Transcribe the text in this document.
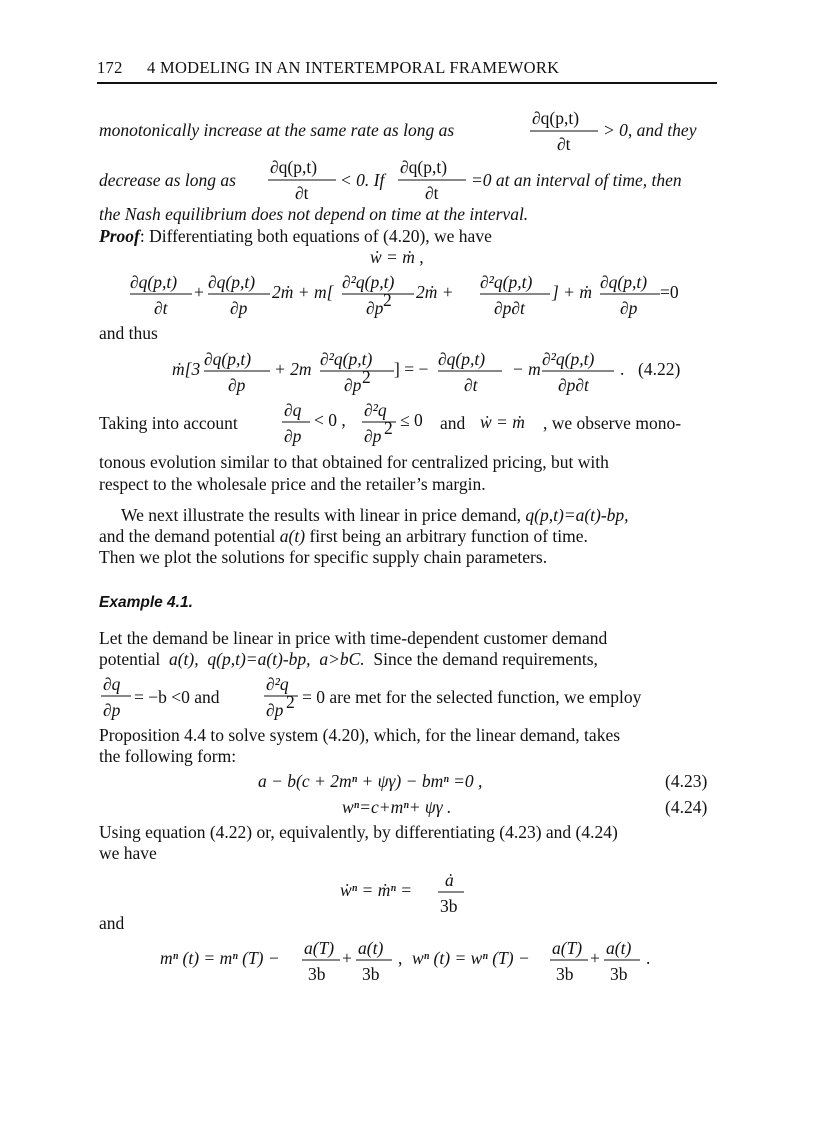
172 4 MODELING IN AN INTERTEMPORAL FRAMEWORK
monotonically increase at the same rate as long as
∂q(p,t)
∂t
> 0, and they
decrease as long as
∂q(p,t)
∂t
< 0. If
∂q(p,t)
∂t
=0 at an interval of time, then
the Nash equilibrium does not depend on time at the interval.
Proof: Differentiating both equations of (4.20), we have
ẇ = ṁ ,
∂q(p,t)
∂t
+ ∂q(p,t)
∂p
2ṁ + m[ ∂²q(p,t)
∂p 2 2ṁ + ∂²q(p,t)
∂p∂t
] + ṁ ∂q(p,t)
∂p
=0
and thus
ṁ[3 ∂q(p,t)
∂p
+ 2m ∂²q(p,t)
∂p 2 ] = − ∂q(p,t)
∂t
− m ∂²q(p,t)
∂p∂t
. (4.22)
Taking into account
∂q
∂p
< 0 , ∂²q
∂p 2 ≤ 0 and ẇ = ṁ , we observe mono-
tonous evolution similar to that obtained for centralized pricing, but with
respect to the wholesale price and the retailer’s margin.
We next illustrate the results with linear in price demand, q(p,t)=a(t)-bp,
and the demand potential a(t) first being an arbitrary function of time.
Then we plot the solutions for specific supply chain parameters.
Example 4.1.
Let the demand be linear in price with time-dependent customer demand
potential a(t), q(p,t)=a(t)-bp, a>bC. Since the demand requirements,
∂q
∂p
= −b <0 and
∂²q
∂p 2 = 0 are met for the selected function, we employ
Proposition 4.4 to solve system (4.20), which, for the linear demand, takes
the following form:
a − b(c + 2mⁿ + ψγ) − bmⁿ =0 ,	(4.23)
wⁿ=c+mⁿ+ ψγ .	(4.24)
Using equation (4.22) or, equivalently, by differentiating (4.23) and (4.24)
we have
ẇⁿ = ṁⁿ = ȧ
3b
and
mⁿ (t) = mⁿ (T) − a(T)
3b
+ a(t)
3b
, wⁿ (t) = wⁿ (T) − a(T)
3b
+ a(t)
3b
.
